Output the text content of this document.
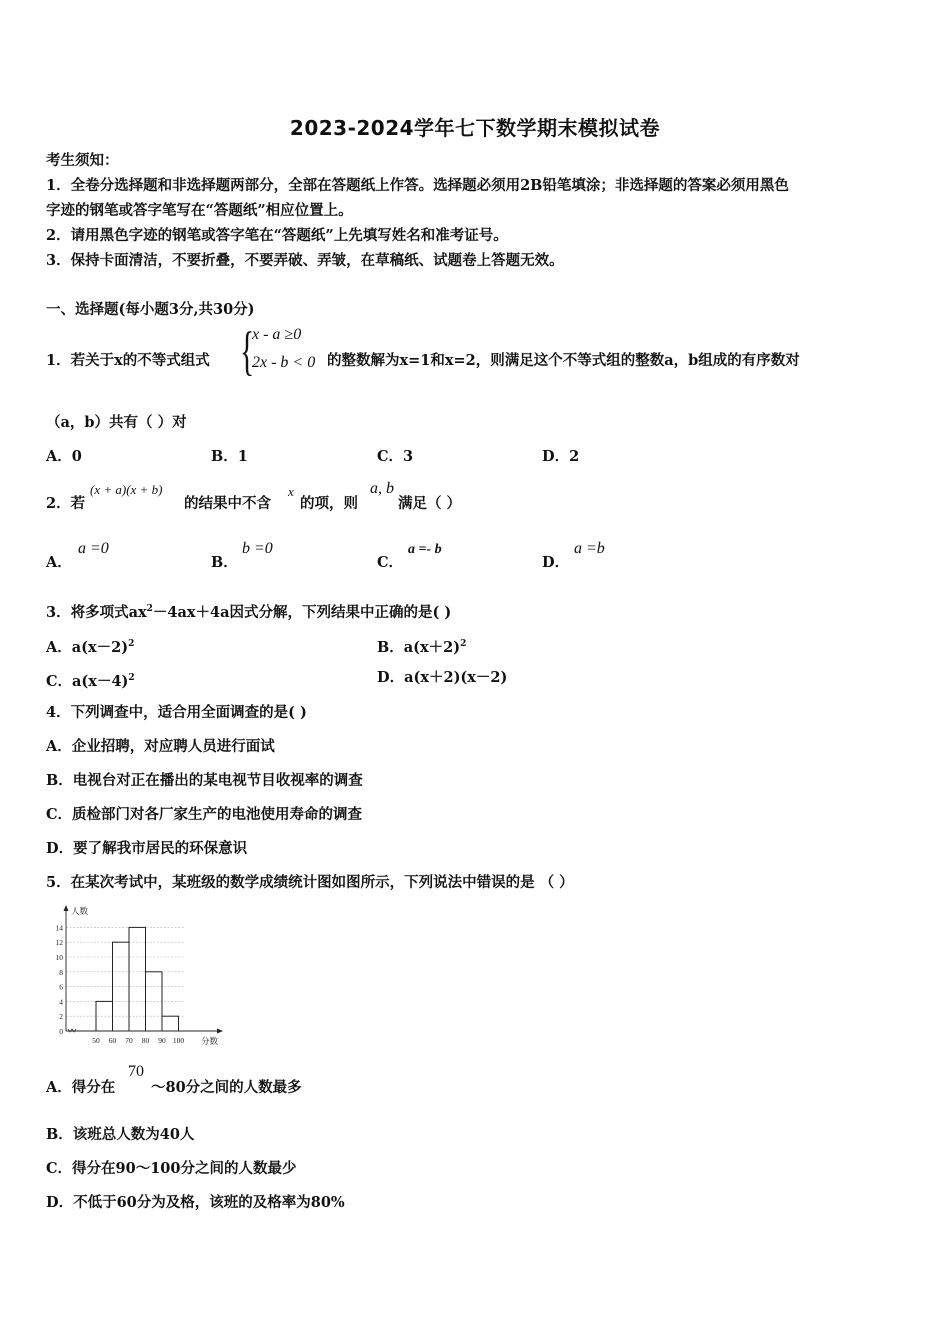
2023-2024学年七下数学期末模拟试卷
考生须知：
1．全卷分选择题和非选择题两部分，全部在答题纸上作答。选择题必须用2B铅笔填涂；非选择题的答案必须用黑色
字迹的钢笔或答字笔写在“答题纸”相应位置上。
2．请用黑色字迹的钢笔或答字笔在“答题纸”上先填写姓名和准考证号。
3．保持卡面清洁，不要折叠，不要弄破、弄皱，在草稿纸、试题卷上答题无效。
一、选择题(每小题3分,共30分)
1．若关于x的不等式组式 {
x - a ≥0
2x - b < 0 的整数解为x=1和x=2，则满足这个不等式组的整数a，b组成的有序数对
（a，b）共有（ ）对
A．0	B．1	C．3	D．2
2．若
(x + a)(x + b)
的结果中不含
x
的项，则
a, b
满足（ ）
A．
a =0
B．
b =0
C．
a =- b
D．
a =b
3．将多项式$ax^2-4ax+4a$因式分解，下列结果中正确的是( )
A．$a(x-2)^2$	B．$a(x+2)^2$
C．$a(x-4)^2$	D．a(x＋2)(x－2)
4．下列调查中，适合用全面调查的是( )
A．企业招聘，对应聘人员进行面试
B．电视台对正在播出的某电视节目收视率的调查
C．质检部门对各厂家生产的电池使用寿命的调查
D．要了解我市居民的环保意识
5．在某次考试中，某班级的数学成绩统计图如图所示，下列说法中错误的是 （ ）
0
2
4
6
8
10
12
14
50 60 70 80 90 100
人数
分数
A．得分在
70
～80分之间的人数最多
B．该班总人数为40人
C．得分在90～100分之间的人数最少
D．不低于60分为及格，该班的及格率为80%
